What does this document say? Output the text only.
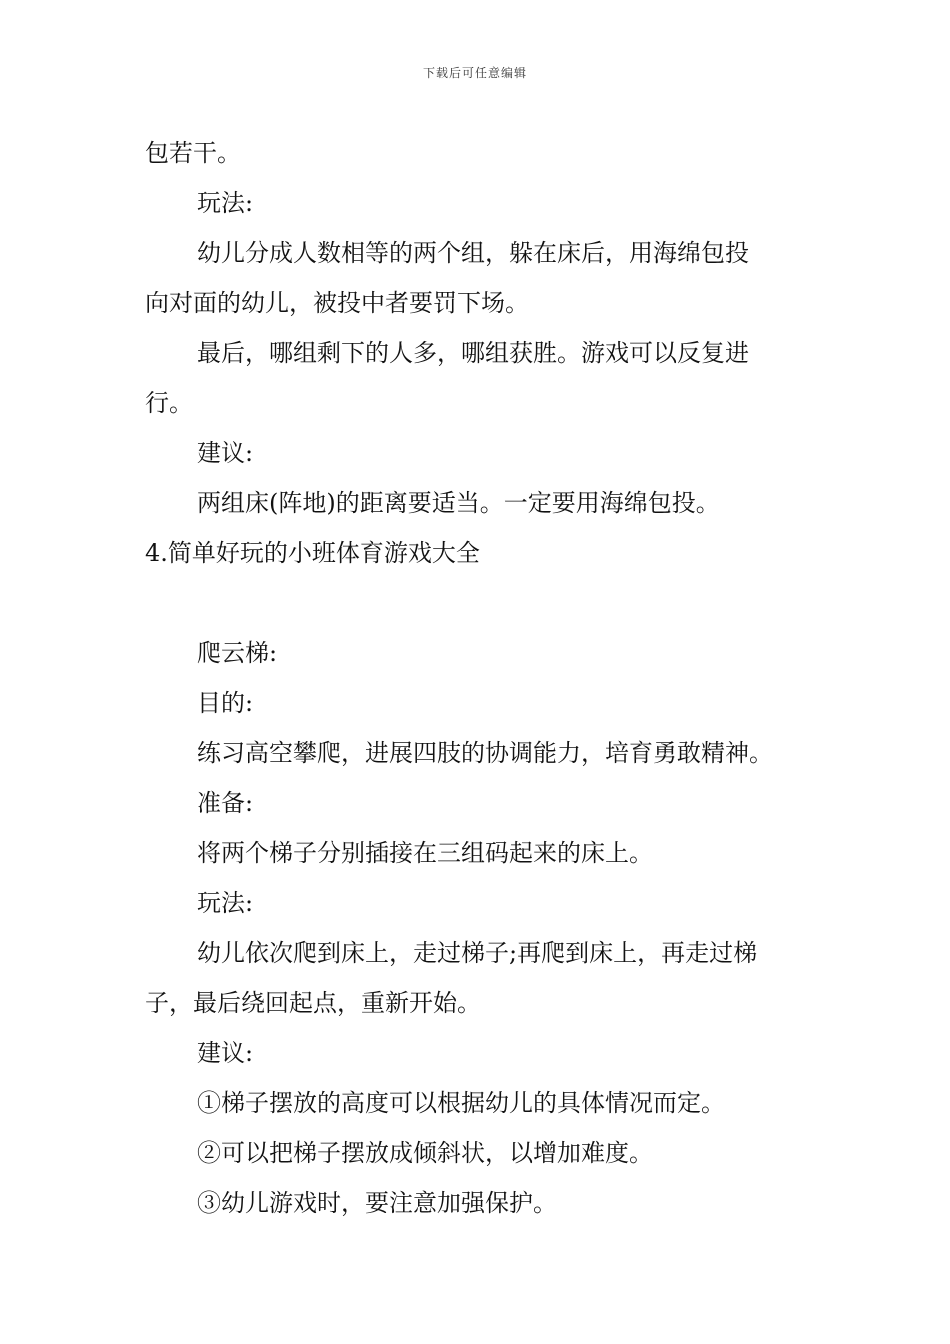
下载后可任意编辑
包若干。
玩法:
幼儿分成人数相等的两个组，躲在床后，用海绵包投
向对面的幼儿，被投中者要罚下场。
最后，哪组剩下的人多，哪组获胜。游戏可以反复进
行。
建议:
两组床(阵地)的距离要适当。一定要用海绵包投。
4.简单好玩的小班体育游戏大全
爬云梯:
目的:
练习高空攀爬，进展四肢的协调能力，培育勇敢精神。
准备:
将两个梯子分别插接在三组码起来的床上。
玩法:
幼儿依次爬到床上，走过梯子;再爬到床上，再走过梯
子，最后绕回起点，重新开始。
建议:
①梯子摆放的高度可以根据幼儿的具体情况而定。
②可以把梯子摆放成倾斜状，以增加难度。
③幼儿游戏时，要注意加强保护。
